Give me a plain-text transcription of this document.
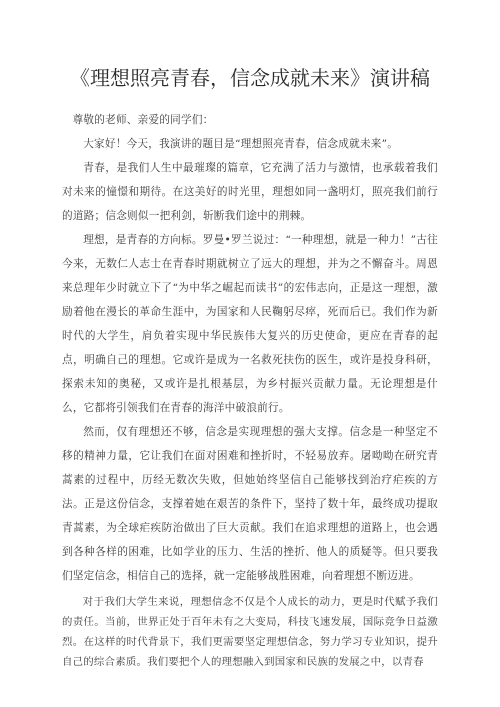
《理想照亮青春，信念成就未来》演讲稿

尊敬的老师、亲爱的同学们：

大家好！今天，我演讲的题目是“理想照亮青春，信念成就未来”。

青春，是我们人生中最璀璨的篇章，它充满了活力与激情，也承载着我们对未来的憧憬和期待。在这美好的时光里，理想如同一盏明灯，照亮我们前行的道路；信念则似一把利剑，斩断我们途中的荆棘。

理想，是青春的方向标。罗曼•罗兰说过：“一种理想，就是一种力！”古往今来，无数仁人志士在青春时期就树立了远大的理想，并为之不懈奋斗。周恩来总理年少时就立下了“为中华之崛起而读书”的宏伟志向，正是这一理想，激励着他在漫长的革命生涯中，为国家和人民鞠躬尽瘁，死而后已。我们作为新时代的大学生，肩负着实现中华民族伟大复兴的历史使命，更应在青春的起点，明确自己的理想。它或许是成为一名救死扶伤的医生，或许是投身科研，探索未知的奥秘，又或许是扎根基层，为乡村振兴贡献力量。无论理想是什么，它都将引领我们在青春的海洋中破浪前行。

然而，仅有理想还不够，信念是实现理想的强大支撑。信念是一种坚定不移的精神力量，它让我们在面对困难和挫折时，不轻易放弃。屠呦呦在研究青蒿素的过程中，历经无数次失败，但她始终坚信自己能够找到治疗疟疾的方法。正是这份信念，支撑着她在艰苦的条件下，坚持了数十年，最终成功提取青蒿素，为全球疟疾防治做出了巨大贡献。我们在追求理想的道路上，也会遇到各种各样的困难，比如学业的压力、生活的挫折、他人的质疑等。但只要我们坚定信念，相信自己的选择，就一定能够战胜困难，向着理想不断迈进。

对于我们大学生来说，理想信念不仅是个人成长的动力，更是时代赋予我们的责任。当前，世界正处于百年未有之大变局，科技飞速发展，国际竞争日益激烈。在这样的时代背景下，我们更需要坚定理想信念，努力学习专业知识，提升自己的综合素质。我们要把个人的理想融入到国家和民族的发展之中，以青春
